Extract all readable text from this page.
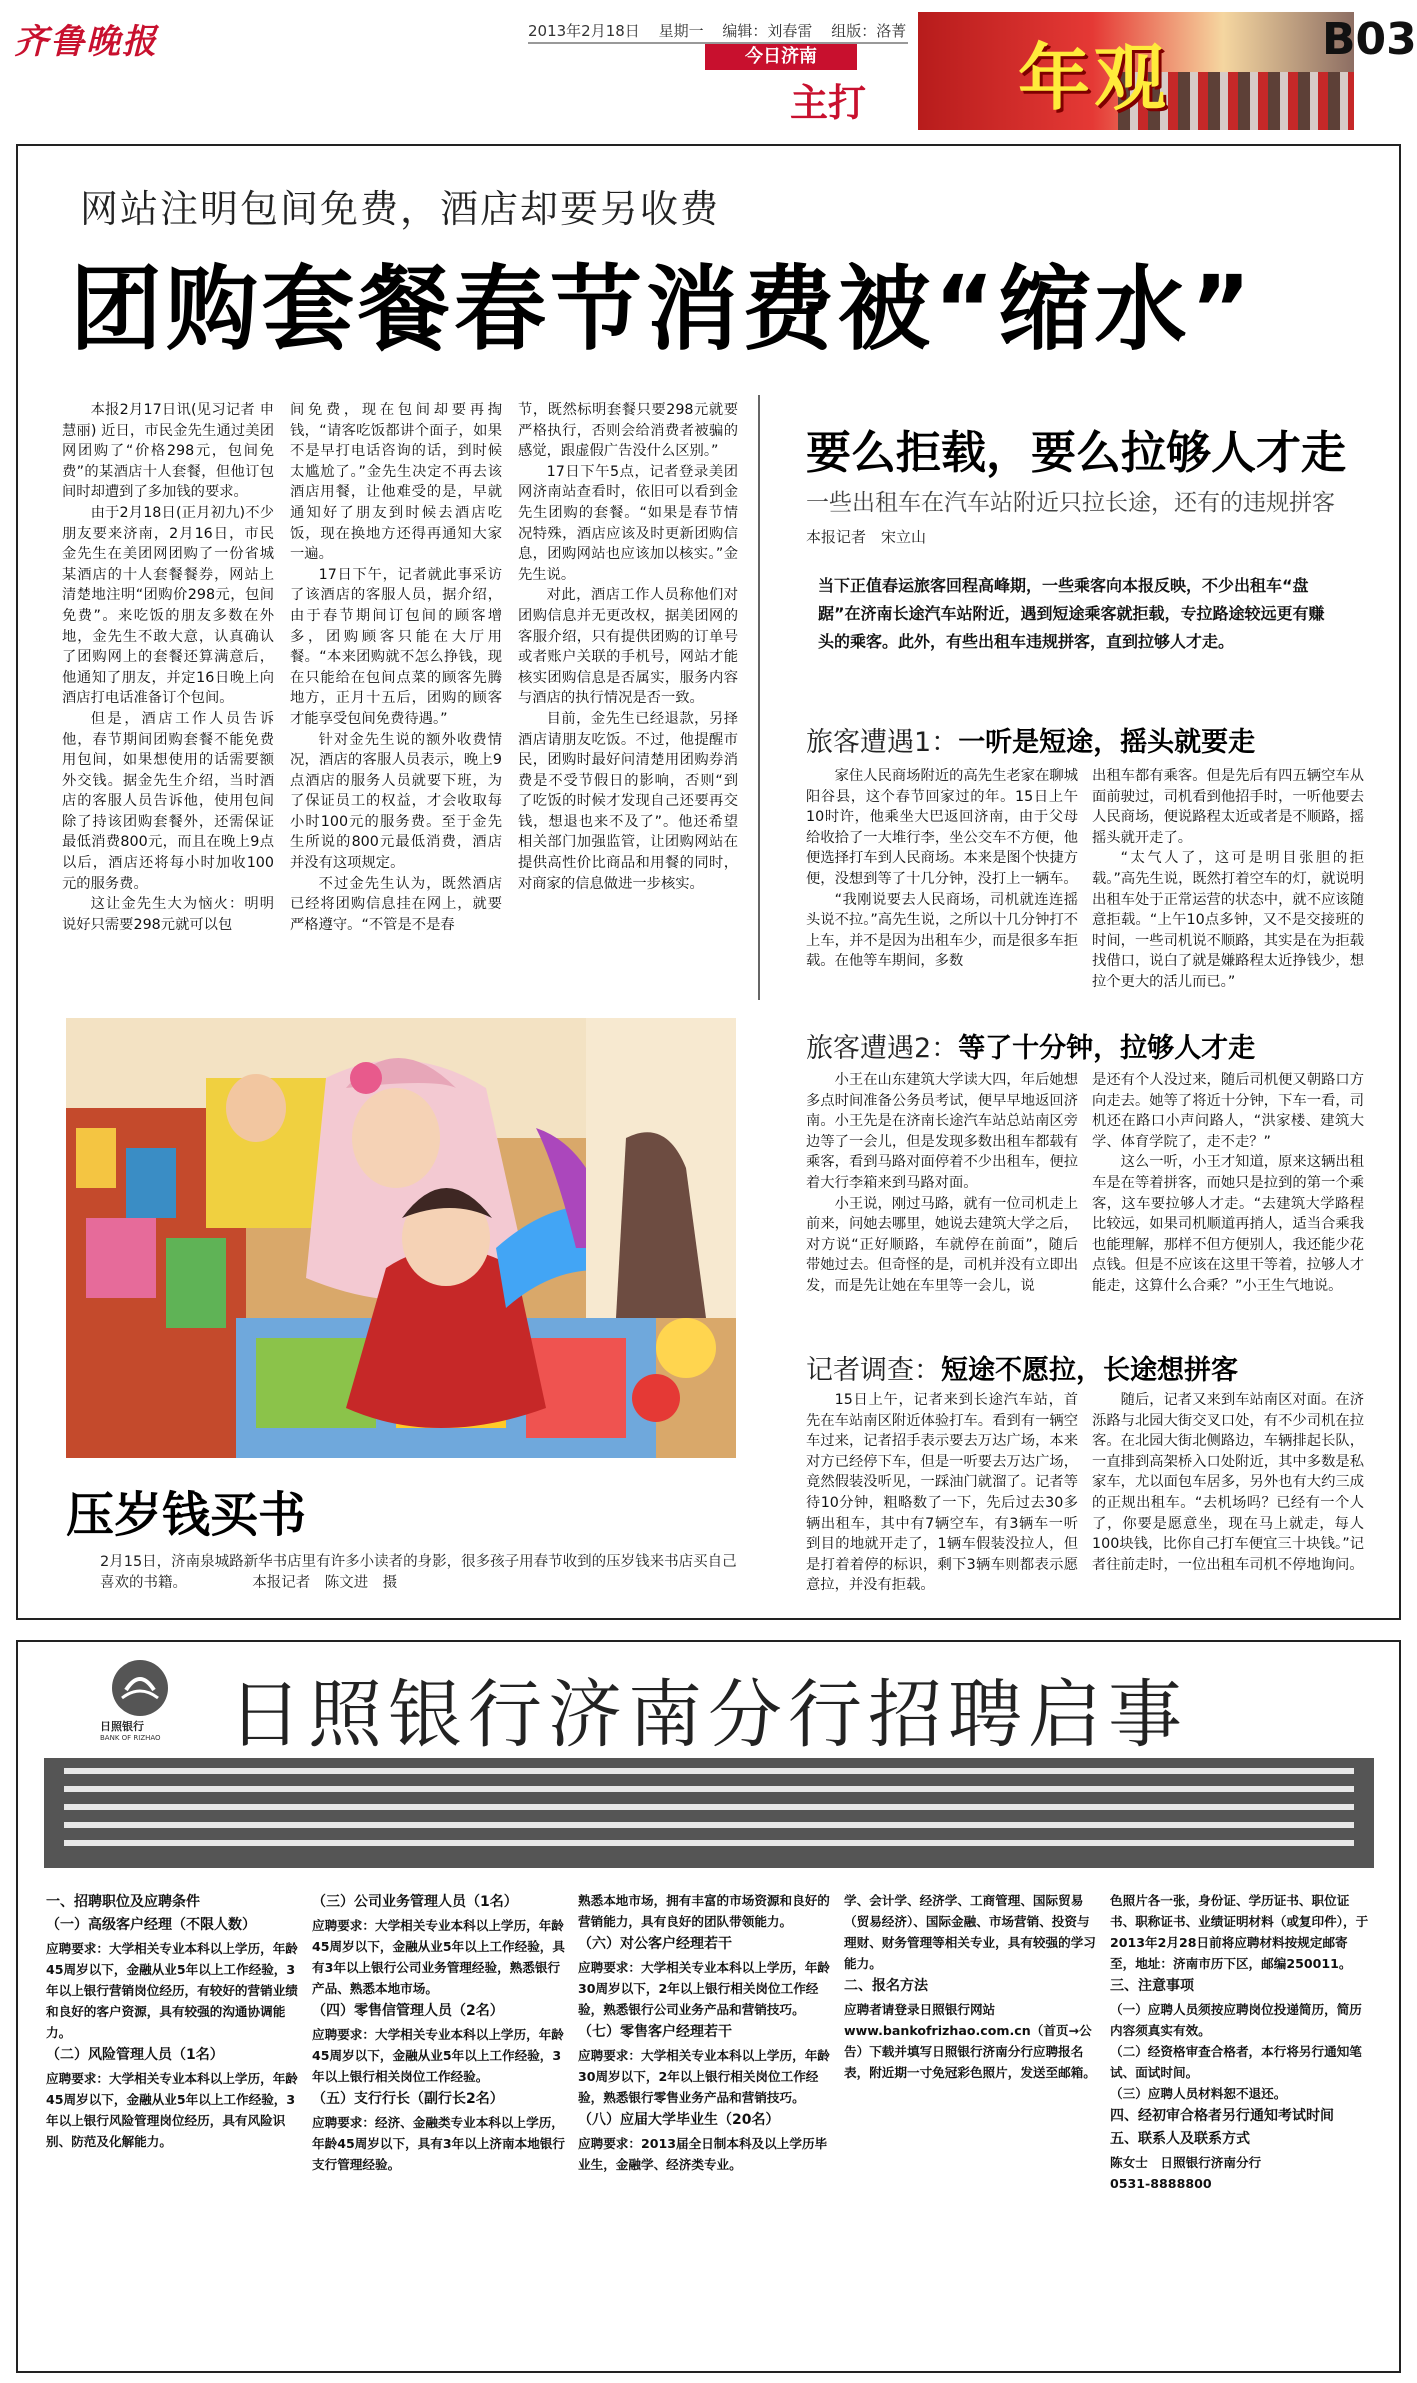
齐鲁晚报	2013年2月18日 星期一 编辑：刘春雷 组版：洛菁
今日济南
主打 年观	B03
网站注明包间免费，酒店却要另收费
团购套餐春节消费被“缩水”

本报2月17日讯(见习记者 申慧丽) 近日，市民金先生通过美团网团购了“价格298元，包间免费”的某酒店十人套餐，但他订包间时却遭到了多加钱的要求。

由于2月18日(正月初九)不少朋友要来济南，2月16日，市民金先生在美团网团购了一份省城某酒店的十人套餐餐券，网站上清楚地注明“团购价298元，包间免费”。来吃饭的朋友多数在外地，金先生不敢大意，认真确认了团购网上的套餐还算满意后，他通知了朋友，并定16日晚上向酒店打电话准备订个包间。

但是，酒店工作人员告诉他，春节期间团购套餐不能免费用包间，如果想使用的话需要额外交钱。据金先生介绍，当时酒店的客服人员告诉他，使用包间除了持该团购套餐外，还需保证最低消费800元，而且在晚上9点以后，酒店还将每小时加收100元的服务费。

这让金先生大为恼火：明明说好只需要298元就可以包

间免费，现在包间却要再掏钱，“请客吃饭都讲个面子，如果不是早打电话咨询的话，到时候太尴尬了。”金先生决定不再去该酒店用餐，让他难受的是，早就通知好了朋友到时候去酒店吃饭，现在换地方还得再通知大家一遍。

17日下午，记者就此事采访了该酒店的客服人员，据介绍，由于春节期间订包间的顾客增多，团购顾客只能在大厅用餐。“本来团购就不怎么挣钱，现在只能给在包间点菜的顾客先腾地方，正月十五后，团购的顾客才能享受包间免费待遇。”

针对金先生说的额外收费情况，酒店的客服人员表示，晚上9点酒店的服务人员就要下班，为了保证员工的权益，才会收取每小时100元的服务费。至于金先生所说的800元最低消费，酒店并没有这项规定。

不过金先生认为，既然酒店已经将团购信息挂在网上，就要严格遵守。“不管是不是春

节，既然标明套餐只要298元就要严格执行，否则会给消费者被骗的感觉，跟虚假广告没什么区别。”

17日下午5点，记者登录美团网济南站查看时，依旧可以看到金先生团购的套餐。“如果是春节情况特殊，酒店应该及时更新团购信息，团购网站也应该加以核实。”金先生说。

对此，酒店工作人员称他们对团购信息并无更改权，据美团网的客服介绍，只有提供团购的订单号或者账户关联的手机号，网站才能核实团购信息是否属实，服务内容与酒店的执行情况是否一致。

目前，金先生已经退款，另择酒店请朋友吃饭。不过，他提醒市民，团购时最好问清楚用团购券消费是不受节假日的影响，否则“到了吃饭的时候才发现自己还要再交钱，想退也来不及了”。他还希望相关部门加强监管，让团购网站在提供高性价比商品和用餐的同时，对商家的信息做进一步核实。

要么拒载，要么拉够人才走
一些出租车在汽车站附近只拉长途，还有的违规拼客
本报记者　宋立山
当下正值春运旅客回程高峰期，一些乘客向本报反映，不少出租车“盘踞”在济南长途汽车站附近，遇到短途乘客就拒载，专拉路途较远更有赚头的乘客。此外，有些出租车违规拼客，直到拉够人才走。
旅客遭遇1：一听是短途，摇头就要走

家住人民商场附近的高先生老家在聊城阳谷县，这个春节回家过的年。15日上午10时许，他乘坐大巴返回济南，由于父母给收拾了一大堆行李，坐公交车不方便，他便选择打车到人民商场。本来是图个快捷方便，没想到等了十几分钟，没打上一辆车。

“我刚说要去人民商场，司机就连连摇头说不拉。”高先生说，之所以十几分钟打不上车，并不是因为出租车少，而是很多车拒载。在他等车期间，多数

出租车都有乘客。但是先后有四五辆空车从面前驶过，司机看到他招手时，一听他要去人民商场，便说路程太近或者是不顺路，摇摇头就开走了。

“太气人了，这可是明目张胆的拒载。”高先生说，既然打着空车的灯，就说明出租车处于正常运营的状态中，就不应该随意拒载。“上午10点多钟，又不是交接班的时间，一些司机说不顺路，其实是在为拒载找借口，说白了就是嫌路程太近挣钱少，想拉个更大的活儿而已。”

旅客遭遇2：等了十分钟，拉够人才走

小王在山东建筑大学读大四，年后她想多点时间准备公务员考试，便早早地返回济南。小王先是在济南长途汽车站总站南区旁边等了一会儿，但是发现多数出租车都载有乘客，看到马路对面停着不少出租车，便拉着大行李箱来到马路对面。

小王说，刚过马路，就有一位司机走上前来，问她去哪里，她说去建筑大学之后，对方说“正好顺路，车就停在前面”，随后带她过去。但奇怪的是，司机并没有立即出发，而是先让她在车里等一会儿，说

是还有个人没过来，随后司机便又朝路口方向走去。她等了将近十分钟，下车一看，司机还在路口小声问路人，“洪家楼、建筑大学、体育学院了，走不走？”

这么一听，小王才知道，原来这辆出租车是在等着拼客，而她只是拉到的第一个乘客，这车要拉够人才走。“去建筑大学路程比较远，如果司机顺道再捎人，适当合乘我也能理解，那样不但方便别人，我还能少花点钱。但是不应该在这里干等着，拉够人才能走，这算什么合乘？”小王生气地说。

记者调查：短途不愿拉，长途想拼客

15日上午，记者来到长途汽车站，首先在车站南区附近体验打车。看到有一辆空车过来，记者招手表示要去万达广场，本来对方已经停下车，但是一听要去万达广场，竟然假装没听见，一踩油门就溜了。记者等待10分钟，粗略数了一下，先后过去30多辆出租车，其中有7辆空车，有3辆车一听到目的地就开走了，1辆车假装没拉人，但是打着着停的标识，剩下3辆车则都表示愿意拉，并没有拒载。

随后，记者又来到车站南区对面。在济泺路与北园大街交叉口处，有不少司机在拉客。在北园大街北侧路边，车辆排起长队，一直排到高架桥入口处附近，其中多数是私家车，尤以面包车居多，另外也有大约三成的正规出租车。“去机场吗？已经有一个人了，你要是愿意坐，现在马上就走，每人100块钱，比你自己打车便宜三十块钱。”记者往前走时，一位出租车司机不停地询问。

压岁钱买书
2月15日，济南泉城路新华书店里有许多小读者的身影，很多孩子用春节收到的压岁钱来书店买自己喜欢的书籍。　　　　　本报记者　陈文进　摄
日照银行
BANK OF RIZHAO 日照银行济南分行招聘启事
一、招聘职位及应聘条件
（一）高级客户经理（不限人数）

应聘要求：大学相关专业本科以上学历，年龄45周岁以下，金融从业5年以上工作经验，3年以上银行营销岗位经历，有较好的营销业绩和良好的客户资源，具有较强的沟通协调能力。

（二）风险管理人员（1名）

应聘要求：大学相关专业本科以上学历，年龄45周岁以下，金融从业5年以上工作经验，3年以上银行风险管理岗位经历，具有风险识别、防范及化解能力。

（三）公司业务管理人员（1名）

应聘要求：大学相关专业本科以上学历，年龄45周岁以下，金融从业5年以上工作经验，具有3年以上银行公司业务管理经验，熟悉银行产品、熟悉本地市场。

（四）零售信管理人员（2名）

应聘要求：大学相关专业本科以上学历，年龄45周岁以下，金融从业5年以上工作经验，3年以上银行相关岗位工作经验。

（五）支行行长（副行长2名）

应聘要求：经济、金融类专业本科以上学历，年龄45周岁以下，具有3年以上济南本地银行支行管理经验。

熟悉本地市场，拥有丰富的市场资源和良好的营销能力，具有良好的团队带领能力。

（六）对公客户经理若干

应聘要求：大学相关专业本科以上学历，年龄30周岁以下，2年以上银行相关岗位工作经验，熟悉银行公司业务产品和营销技巧。

（七）零售客户经理若干

应聘要求：大学相关专业本科以上学历，年龄30周岁以下，2年以上银行相关岗位工作经验，熟悉银行零售业务产品和营销技巧。

（八）应届大学毕业生（20名）

应聘要求：2013届全日制本科及以上学历毕业生，金融学、经济类专业。

学、会计学、经济学、工商管理、国际贸易（贸易经济）、国际金融、市场营销、投资与理财、财务管理等相关专业，具有较强的学习能力。

二、报名方法

应聘者请登录日照银行网站 www.bankofrizhao.com.cn（首页→公告）下载并填写日照银行济南分行应聘报名表，附近期一寸免冠彩色照片，发送至邮箱。

色照片各一张，身份证、学历证书、职位证书、职称证书、业绩证明材料（或复印件），于2013年2月28日前将应聘材料按规定邮寄至，地址：济南市历下区，邮编250011。

三、注意事项

（一）应聘人员须按应聘岗位投递简历，简历内容须真实有效。

（二）经资格审查合格者，本行将另行通知笔试、面试时间。

（三）应聘人员材料恕不退还。

四、经初审合格者另行通知考试时间
五、联系人及联系方式

陈女士　日照银行济南分行

0531-8888800
